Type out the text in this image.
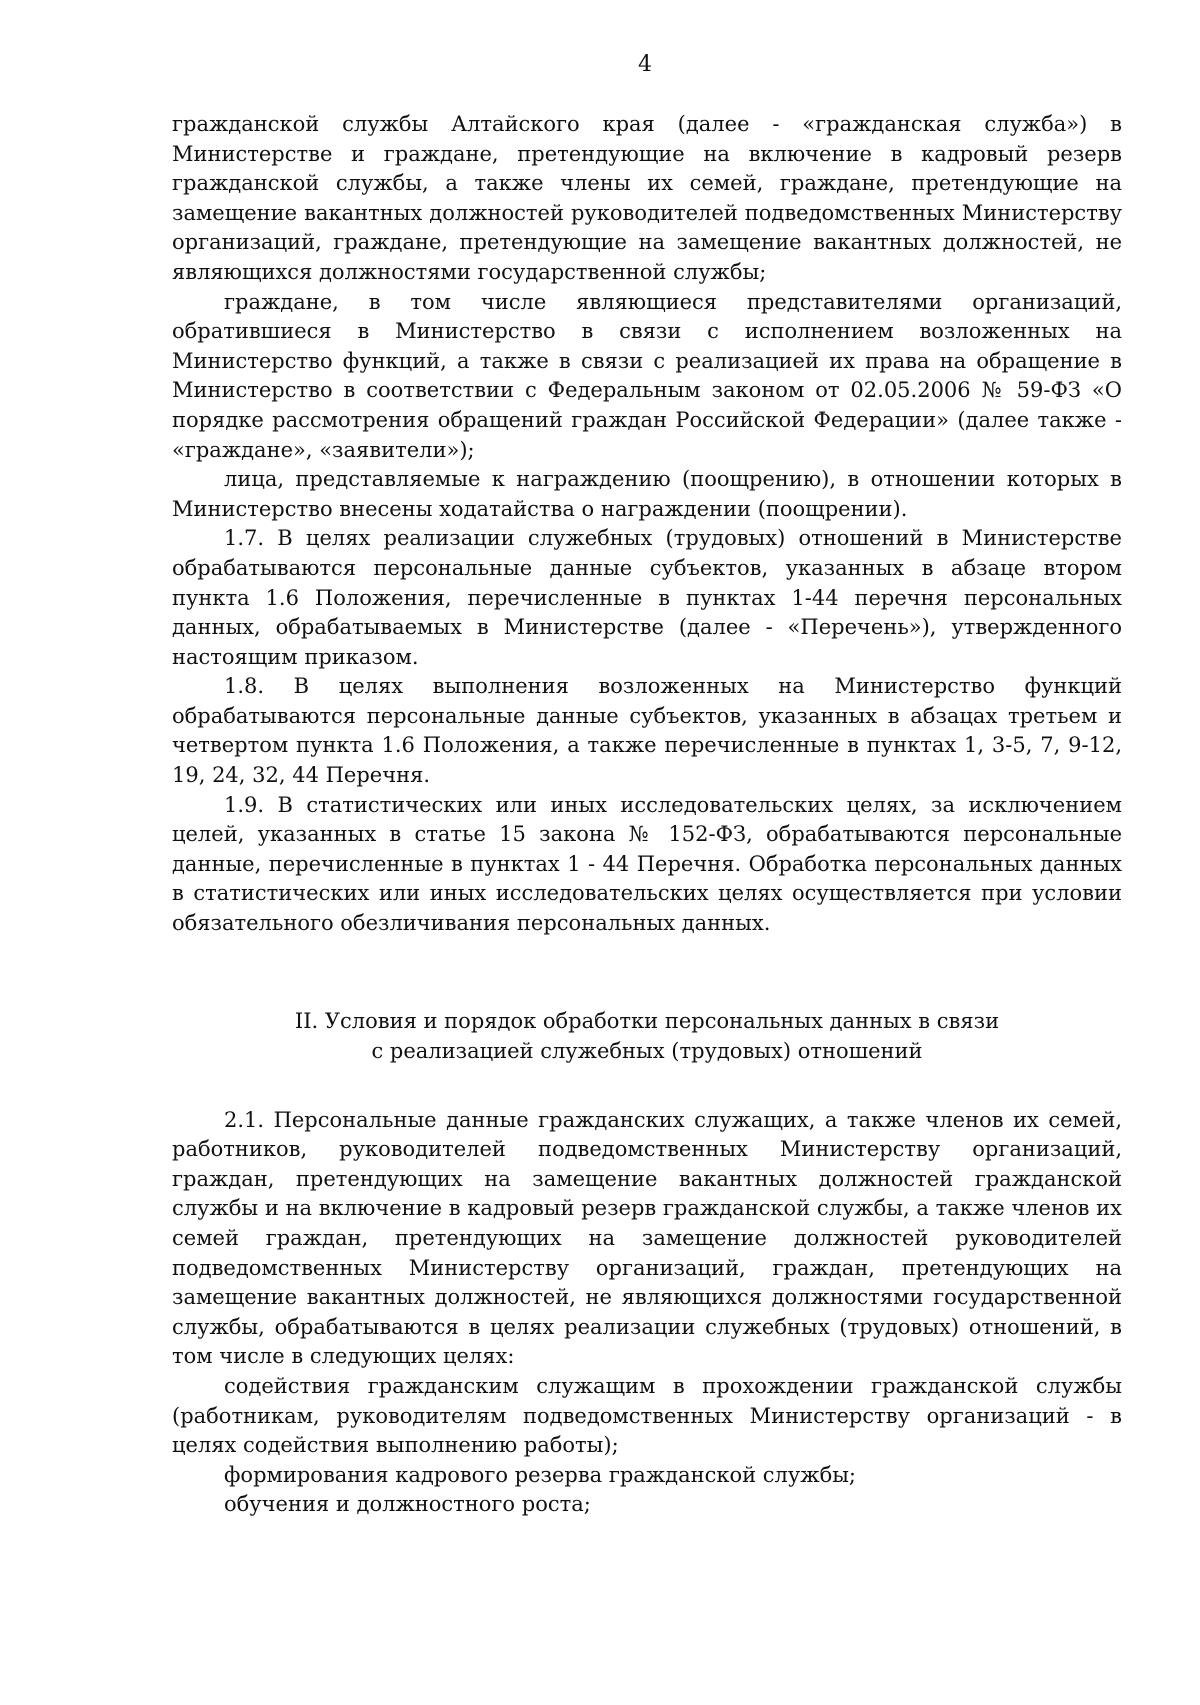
4

гражданской службы Алтайского края (далее - «гражданская служба») в Министерстве и граждане, претендующие на включение в кадровый резерв гражданской службы, а также члены их семей, граждане, претендующие на замещение вакантных должностей руководителей подведомственных Министерству организаций, граждане, претендующие на замещение вакантных должностей, не являющихся должностями государственной службы;

граждане, в том числе являющиеся представителями организаций, обратившиеся в Министерство в связи с исполнением возложенных на Министерство функций, а также в связи с реализацией их права на обращение в Министерство в соответствии с Федеральным законом от 02.05.2006 № 59-ФЗ «О порядке рассмотрения обращений граждан Российской Федерации» (далее также - «граждане», «заявители»);

лица, представляемые к награждению (поощрению), в отношении которых в Министерство внесены ходатайства о награждении (поощрении).

1.7. В целях реализации служебных (трудовых) отношений в Министерстве обрабатываются персональные данные субъектов, указанных в абзаце втором пункта 1.6 Положения, перечисленные в пунктах 1-44 перечня персональных данных, обрабатываемых в Министерстве (далее - «Перечень»), утвержденного настоящим приказом.

1.8. В целях выполнения возложенных на Министерство функций обрабатываются персональные данные субъектов, указанных в абзацах третьем и четвертом пункта 1.6 Положения, а также перечисленные в пунктах 1, 3-5, 7, 9-12, 19, 24, 32, 44 Перечня.

1.9. В статистических или иных исследовательских целях, за исключением целей, указанных в статье 15 закона № 152-ФЗ, обрабатываются персональные данные, перечисленные в пунктах 1 - 44 Перечня. Обработка персональных данных в статистических или иных исследовательских целях осуществляется при условии обязательного обезличивания персональных данных.

II. Условия и порядок обработки персональных данных в связи
с реализацией служебных (трудовых) отношений

2.1. Персональные данные гражданских служащих, а также членов их семей, работников, руководителей подведомственных Министерству организаций, граждан, претендующих на замещение вакантных должностей гражданской службы и на включение в кадровый резерв гражданской службы, а также членов их семей граждан, претендующих на замещение должностей руководителей подведомственных Министерству организаций, граждан, претендующих на замещение вакантных должностей, не являющихся должностями государственной службы, обрабатываются в целях реализации служебных (трудовых) отношений, в том числе в следующих целях:

содействия гражданским служащим в прохождении гражданской службы (работникам, руководителям подведомственных Министерству организаций - в целях содействия выполнению работы);

формирования кадрового резерва гражданской службы;

обучения и должностного роста;
